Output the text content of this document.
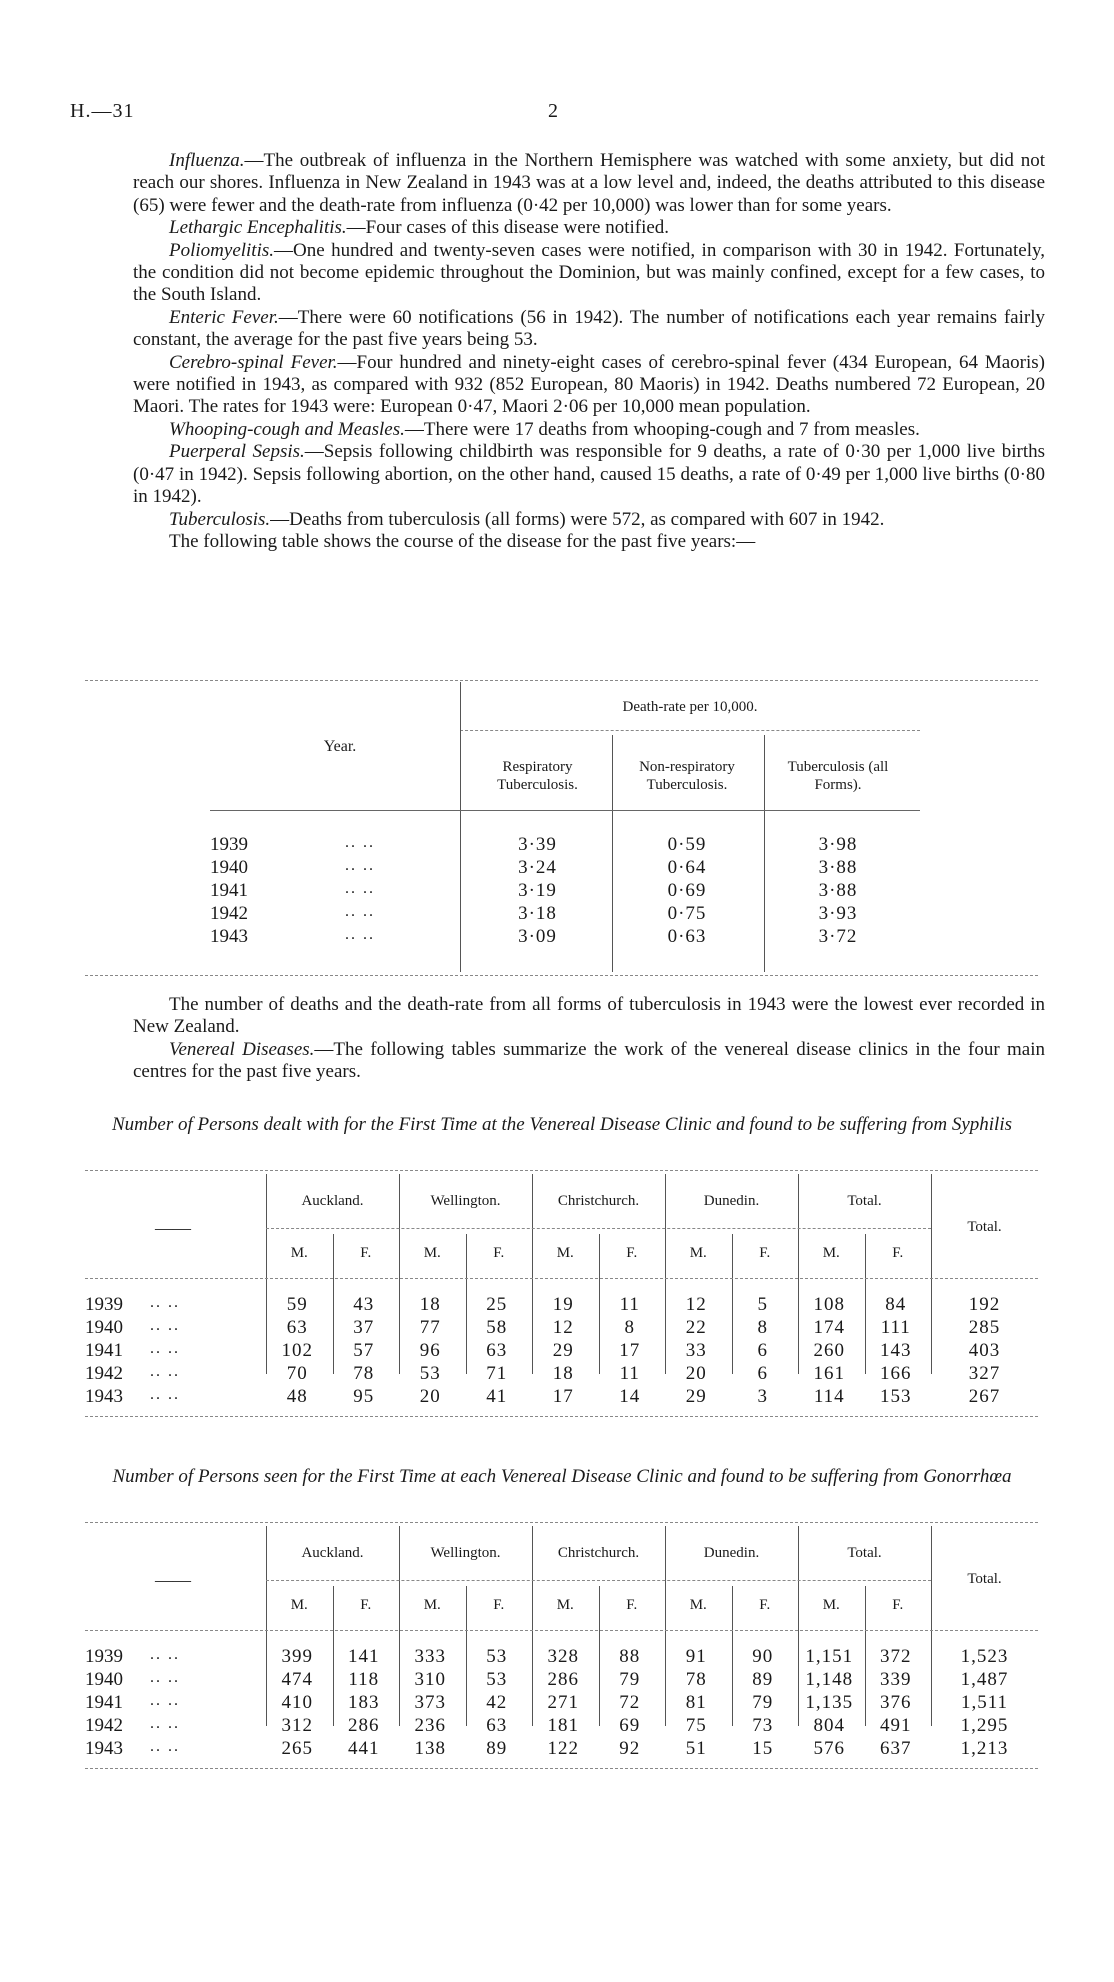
H.—31	2

Influenza.—The outbreak of influenza in the Northern Hemisphere was watched with some anxiety, but did not reach our shores. Influenza in New Zealand in 1943 was at a low level and, indeed, the deaths attributed to this disease (65) were fewer and the death-rate from influenza (0·42 per 10,000) was lower than for some years.

Lethargic Encephalitis.—Four cases of this disease were notified.

Poliomyelitis.—One hundred and twenty-seven cases were notified, in comparison with 30 in 1942. Fortunately, the condition did not become epidemic throughout the Dominion, but was mainly confined, except for a few cases, to the South Island.

Enteric Fever.—There were 60 notifications (56 in 1942). The number of notifications each year remains fairly constant, the average for the past five years being 53.

Cerebro-spinal Fever.—Four hundred and ninety-eight cases of cerebro-spinal fever (434 European, 64 Maoris) were notified in 1943, as compared with 932 (852 European, 80 Maoris) in 1942. Deaths numbered 72 European, 20 Maori. The rates for 1943 were: European 0·47, Maori 2·06 per 10,000 mean population.

Whooping-cough and Measles.—There were 17 deaths from whooping-cough and 7 from measles.

Puerperal Sepsis.—Sepsis following childbirth was responsible for 9 deaths, a rate of 0·30 per 1,000 live births (0·47 in 1942). Sepsis following abortion, on the other hand, caused 15 deaths, a rate of 0·49 per 1,000 live births (0·80 in 1942).

Tuberculosis.—Deaths from tuberculosis (all forms) were 572, as compared with 607 in 1942.

The following table shows the course of the disease for the past five years:—

Year.
Death-rate per 10,000.
Respiratory Tuberculosis.
Non-respiratory Tuberculosis.
Tuberculosis (all Forms).
1939	.. ..	3·39	0·59	3·98
1940	.. ..	3·24	0·64	3·88
1941	.. ..	3·19	0·69	3·88
1942	.. ..	3·18	0·75	3·93
1943	.. ..	3·09	0·63	3·72

The number of deaths and the death-rate from all forms of tuberculosis in 1943 were the lowest ever recorded in New Zealand.

Venereal Diseases.—The following tables summarize the work of the venereal disease clinics in the four main centres for the past five years.

Number of Persons dealt with for the First Time at the Venereal Disease Clinic and found to be suffering from Syphilis
——
Auckland.
M.	F.
Wellington.
M.	F.
Christchurch.
M.	F.
Dunedin.
M.	F.
Total.
M.	F.
Total.
1939 .. ..	59	43	18	25	19	11	12	5	108	84	192
1940 .. ..	63	37	77	58	12	8	22	8	174	111	285
1941 .. ..	102	57	96	63	29	17	33	6	260	143	403
1942 .. ..	70	78	53	71	18	11	20	6	161	166	327
1943 .. ..	48	95	20	41	17	14	29	3	114	153	267
Number of Persons seen for the First Time at each Venereal Disease Clinic and found to be suffering from Gonorrhœa
——
Auckland.
M.	F.
Wellington.
M.	F.
Christchurch.
M.	F.
Dunedin.
M.	F.
Total.
M.	F.
Total.
1939 .. ..	399	141	333	53	328	88	91	90	1,151	372	1,523
1940 .. ..	474	118	310	53	286	79	78	89	1,148	339	1,487
1941 .. ..	410	183	373	42	271	72	81	79	1,135	376	1,511
1942 .. ..	312	286	236	63	181	69	75	73	804	491	1,295
1943 .. ..	265	441	138	89	122	92	51	15	576	637	1,213
